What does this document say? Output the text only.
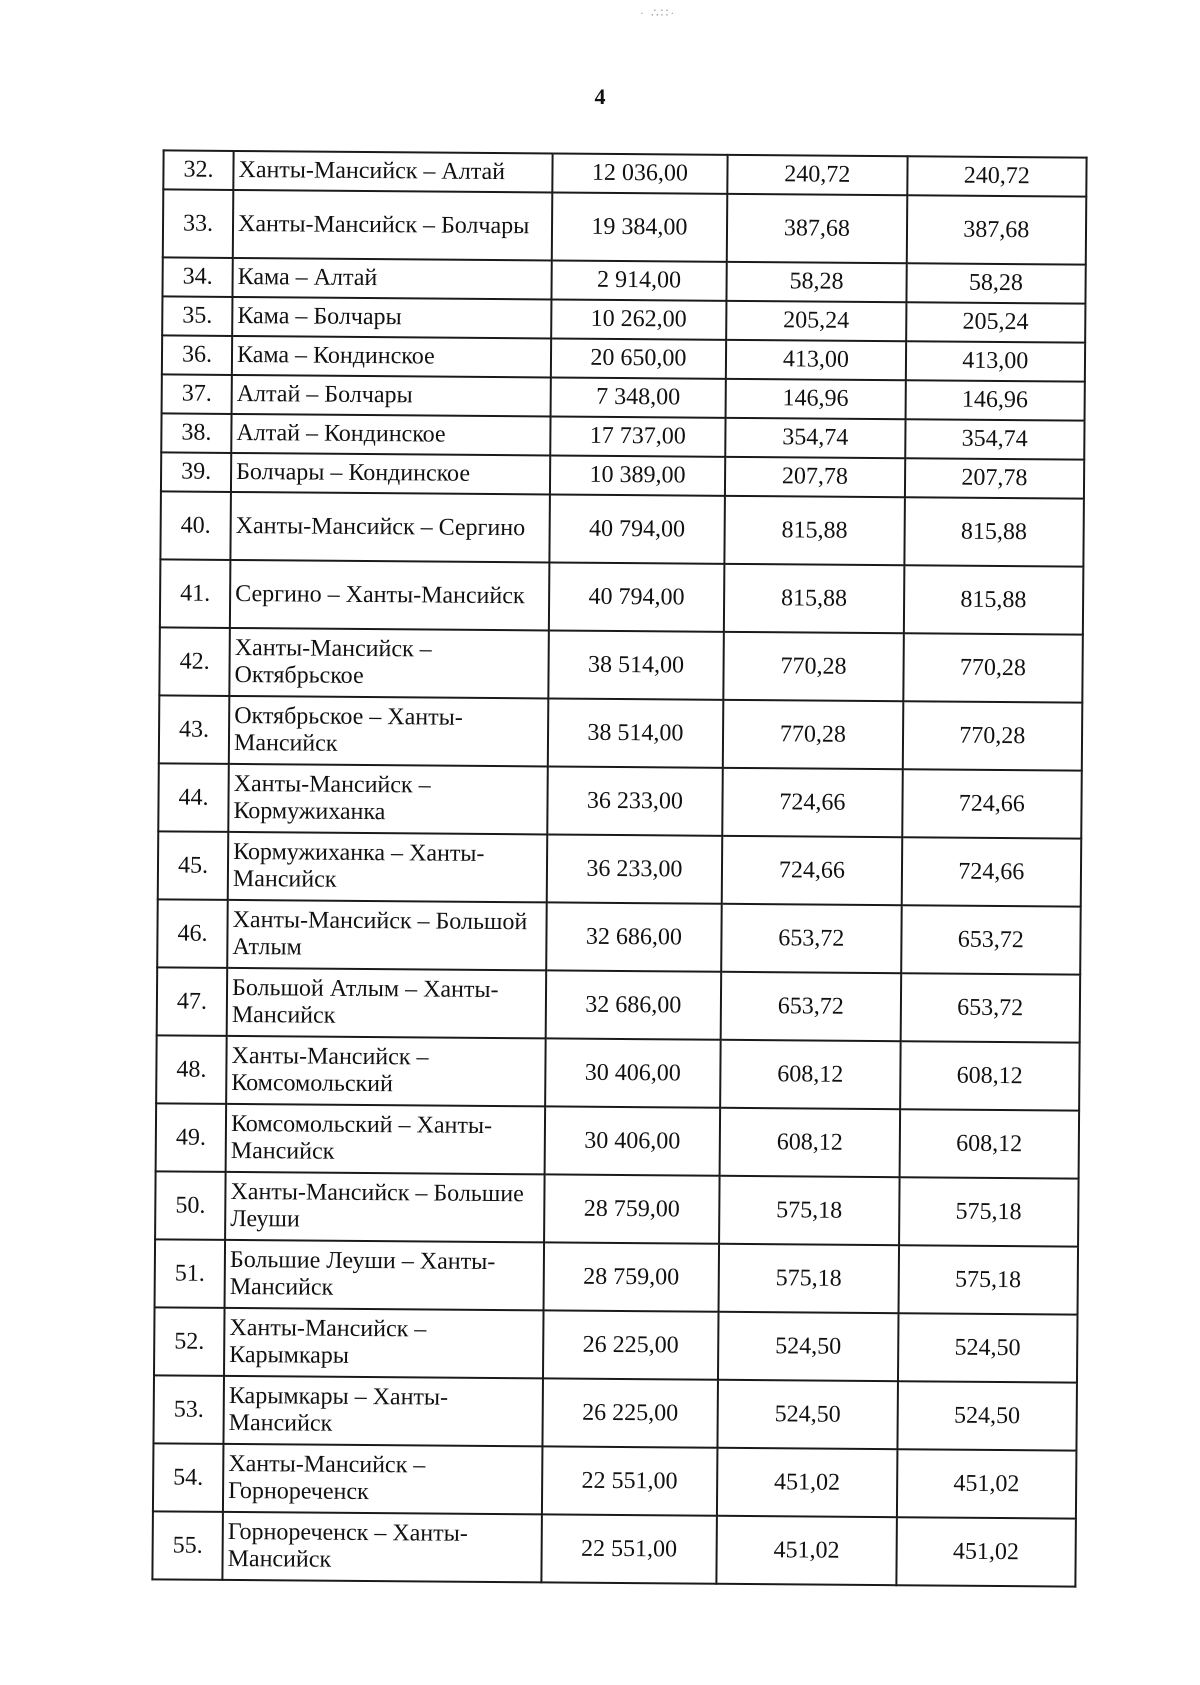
· ∴∷·
4
32.	Ханты-Мансийск – Алтай	12 036,00	240,72	240,72
33.	Ханты-Мансийск – Болчары	19 384,00	387,68	387,68
34.	Кама – Алтай	2 914,00	58,28	58,28
35.	Кама – Болчары	10 262,00	205,24	205,24
36.	Кама – Кондинское	20 650,00	413,00	413,00
37.	Алтай – Болчары	7 348,00	146,96	146,96
38.	Алтай – Кондинское	17 737,00	354,74	354,74
39.	Болчары – Кондинское	10 389,00	207,78	207,78
40.	Ханты-Мансийск – Сергино	40 794,00	815,88	815,88
41.	Сергино – Ханты-Мансийск	40 794,00	815,88	815,88
42.	Ханты-Мансийск – Октябрьское	38 514,00	770,28	770,28
43.	Октябрьское – Ханты-Мансийск	38 514,00	770,28	770,28
44.	Ханты-Мансийск – Кормужиханка	36 233,00	724,66	724,66
45.	Кормужиханка – Ханты-Мансийск	36 233,00	724,66	724,66
46.	Ханты-Мансийск – Большой Атлым	32 686,00	653,72	653,72
47.	Большой Атлым – Ханты-Мансийск	32 686,00	653,72	653,72
48.	Ханты-Мансийск – Комсомольский	30 406,00	608,12	608,12
49.	Комсомольский – Ханты-Мансийск	30 406,00	608,12	608,12
50.	Ханты-Мансийск – Большие Леуши	28 759,00	575,18	575,18
51.	Большие Леуши – Ханты-Мансийск	28 759,00	575,18	575,18
52.	Ханты-Мансийск – Карымкары	26 225,00	524,50	524,50
53.	Карымкары – Ханты-Мансийск	26 225,00	524,50	524,50
54.	Ханты-Мансийск – Горнореченск	22 551,00	451,02	451,02
55.	Горнореченск – Ханты-Мансийск	22 551,00	451,02	451,02
